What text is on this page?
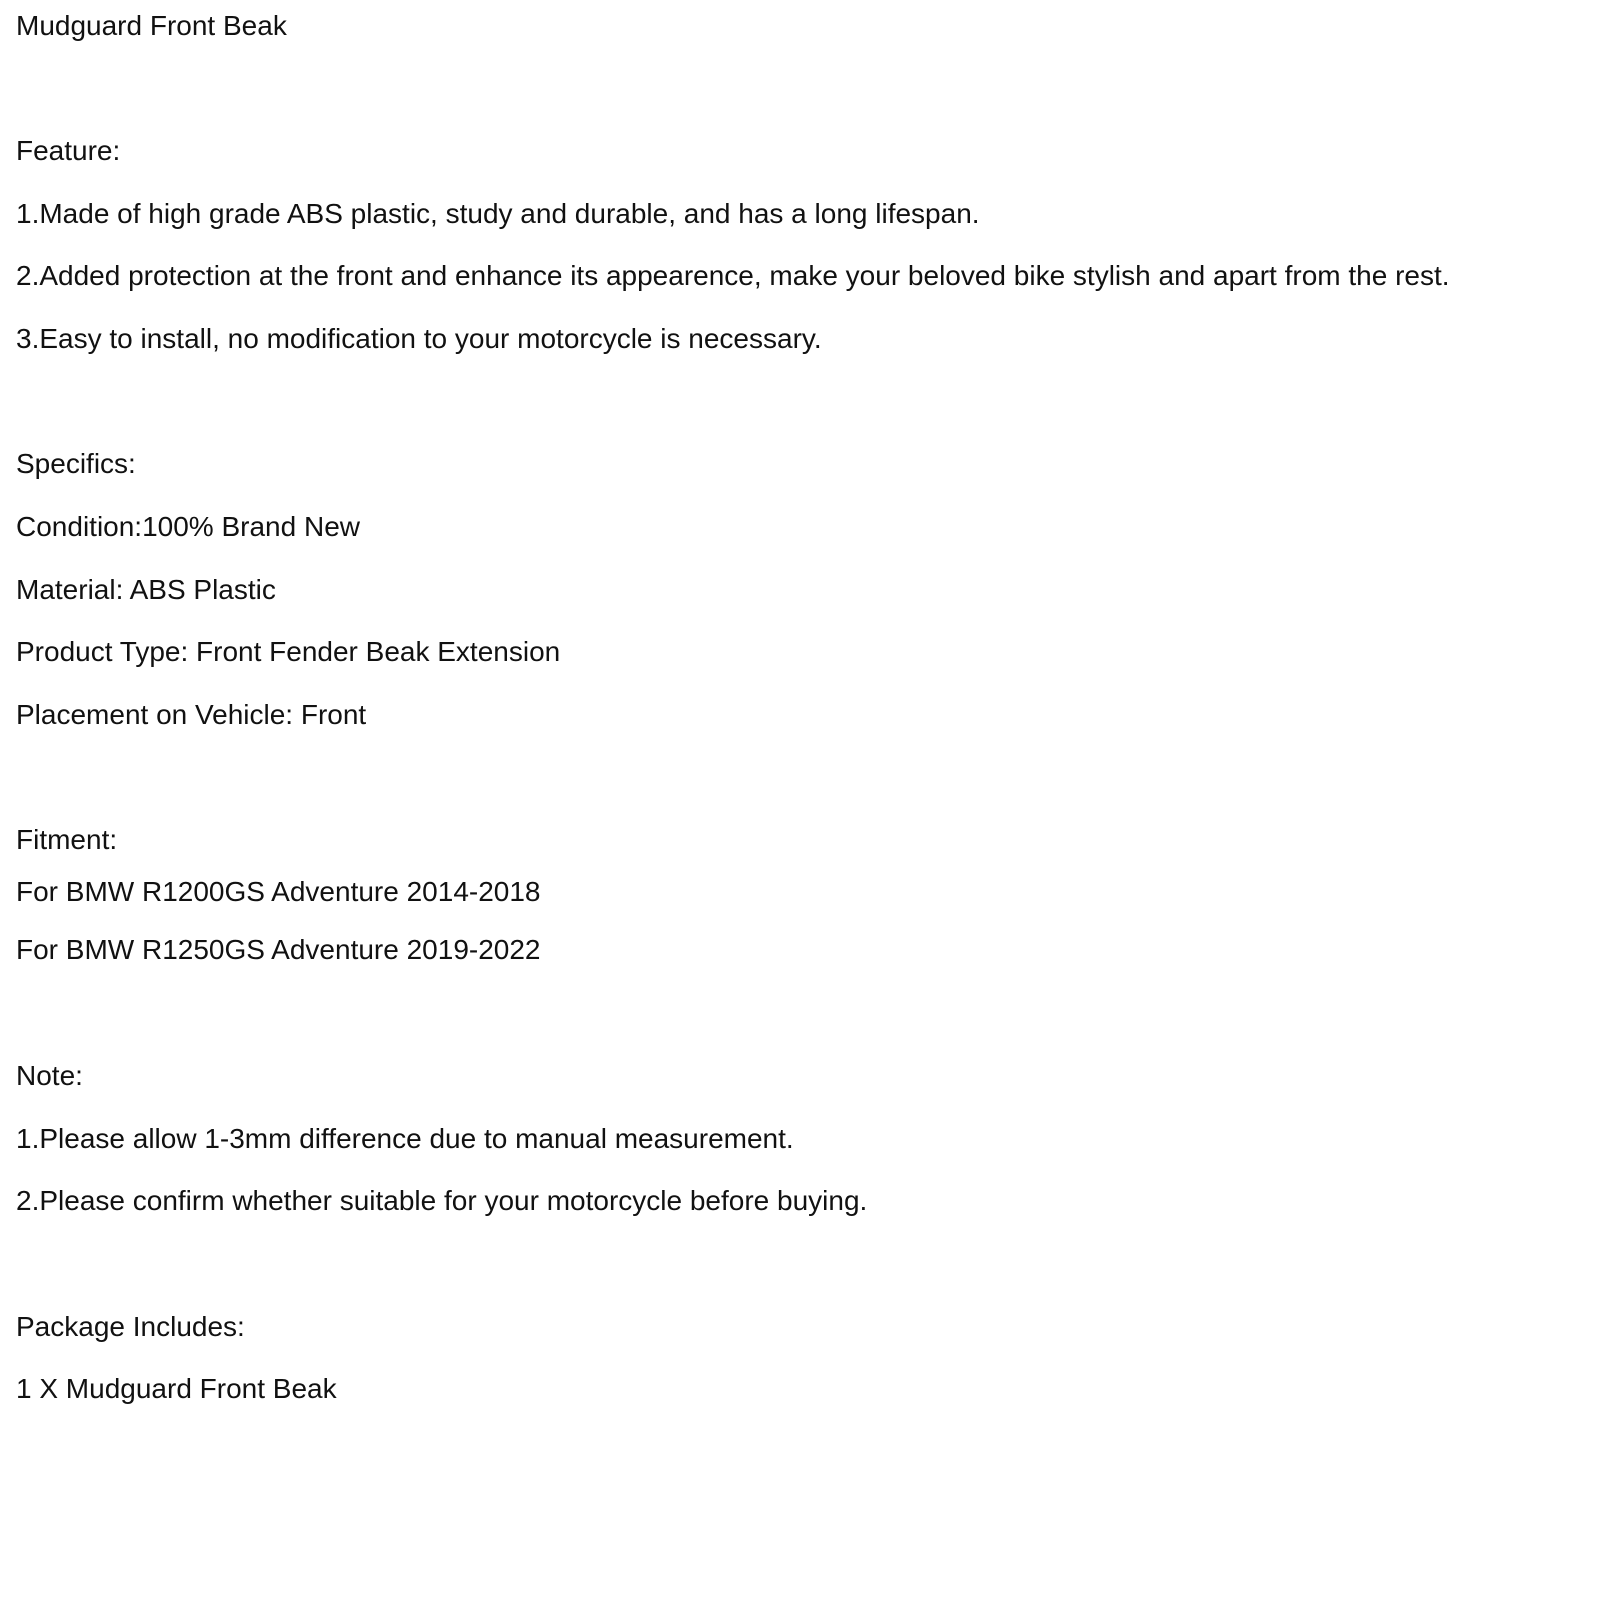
Mudguard Front Beak
Feature:
1.Made of high grade ABS plastic, study and durable, and has a long lifespan.
2.Added protection at the front and enhance its appearence, make your beloved bike stylish and apart from the rest.
3.Easy to install, no modification to your motorcycle is necessary.
Specifics:
Condition:100% Brand New
Material: ABS Plastic
Product Type: Front Fender Beak Extension
Placement on Vehicle: Front
Fitment:
For BMW R1200GS Adventure 2014-2018
For BMW R1250GS Adventure 2019-2022
Note:
1.Please allow 1-3mm difference due to manual measurement.
2.Please confirm whether suitable for your motorcycle before buying.
Package Includes:
1 X Mudguard Front Beak
